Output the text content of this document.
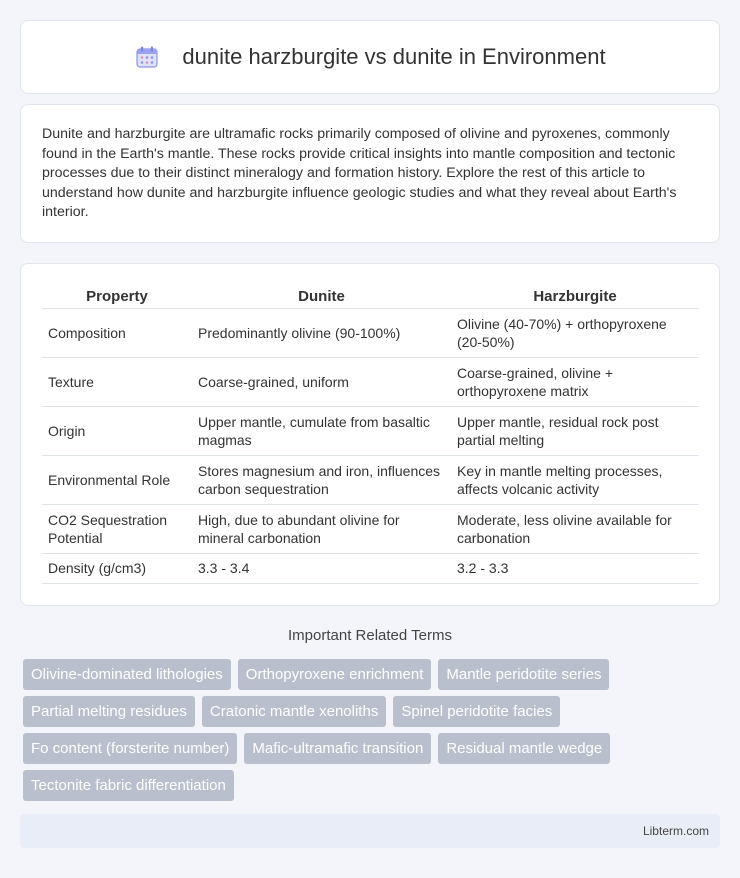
dunite harzburgite vs dunite in Environment

Dunite and harzburgite are ultramafic rocks primarily composed of olivine and pyroxenes, commonly found in the Earth's mantle. These rocks provide critical insights into mantle composition and tectonic processes due to their distinct mineralogy and formation history. Explore the rest of this article to understand how dunite and harzburgite influence geologic studies and what they reveal about Earth's interior.

Property	Dunite	Harzburgite
Composition	Predominantly olivine (90-100%)	Olivine (40-70%) + orthopyroxene (20-50%)
Texture	Coarse-grained, uniform	Coarse-grained, olivine + orthopyroxene matrix
Origin	Upper mantle, cumulate from basaltic magmas	Upper mantle, residual rock post partial melting
Environmental Role	Stores magnesium and iron, influences carbon sequestration	Key in mantle melting processes, affects volcanic activity
CO2 Sequestration Potential	High, due to abundant olivine for mineral carbonation	Moderate, less olivine available for carbonation
Density (g/cm3)	3.3 - 3.4	3.2 - 3.3
Important Related Terms
Olivine-dominated lithologies	Orthopyroxene enrichment	Mantle peridotite series
Partial melting residues	Cratonic mantle xenoliths	Spinel peridotite facies
Fo content (forsterite number)	Mafic-ultramafic transition	Residual mantle wedge
Tectonite fabric differentiation
Libterm.com
